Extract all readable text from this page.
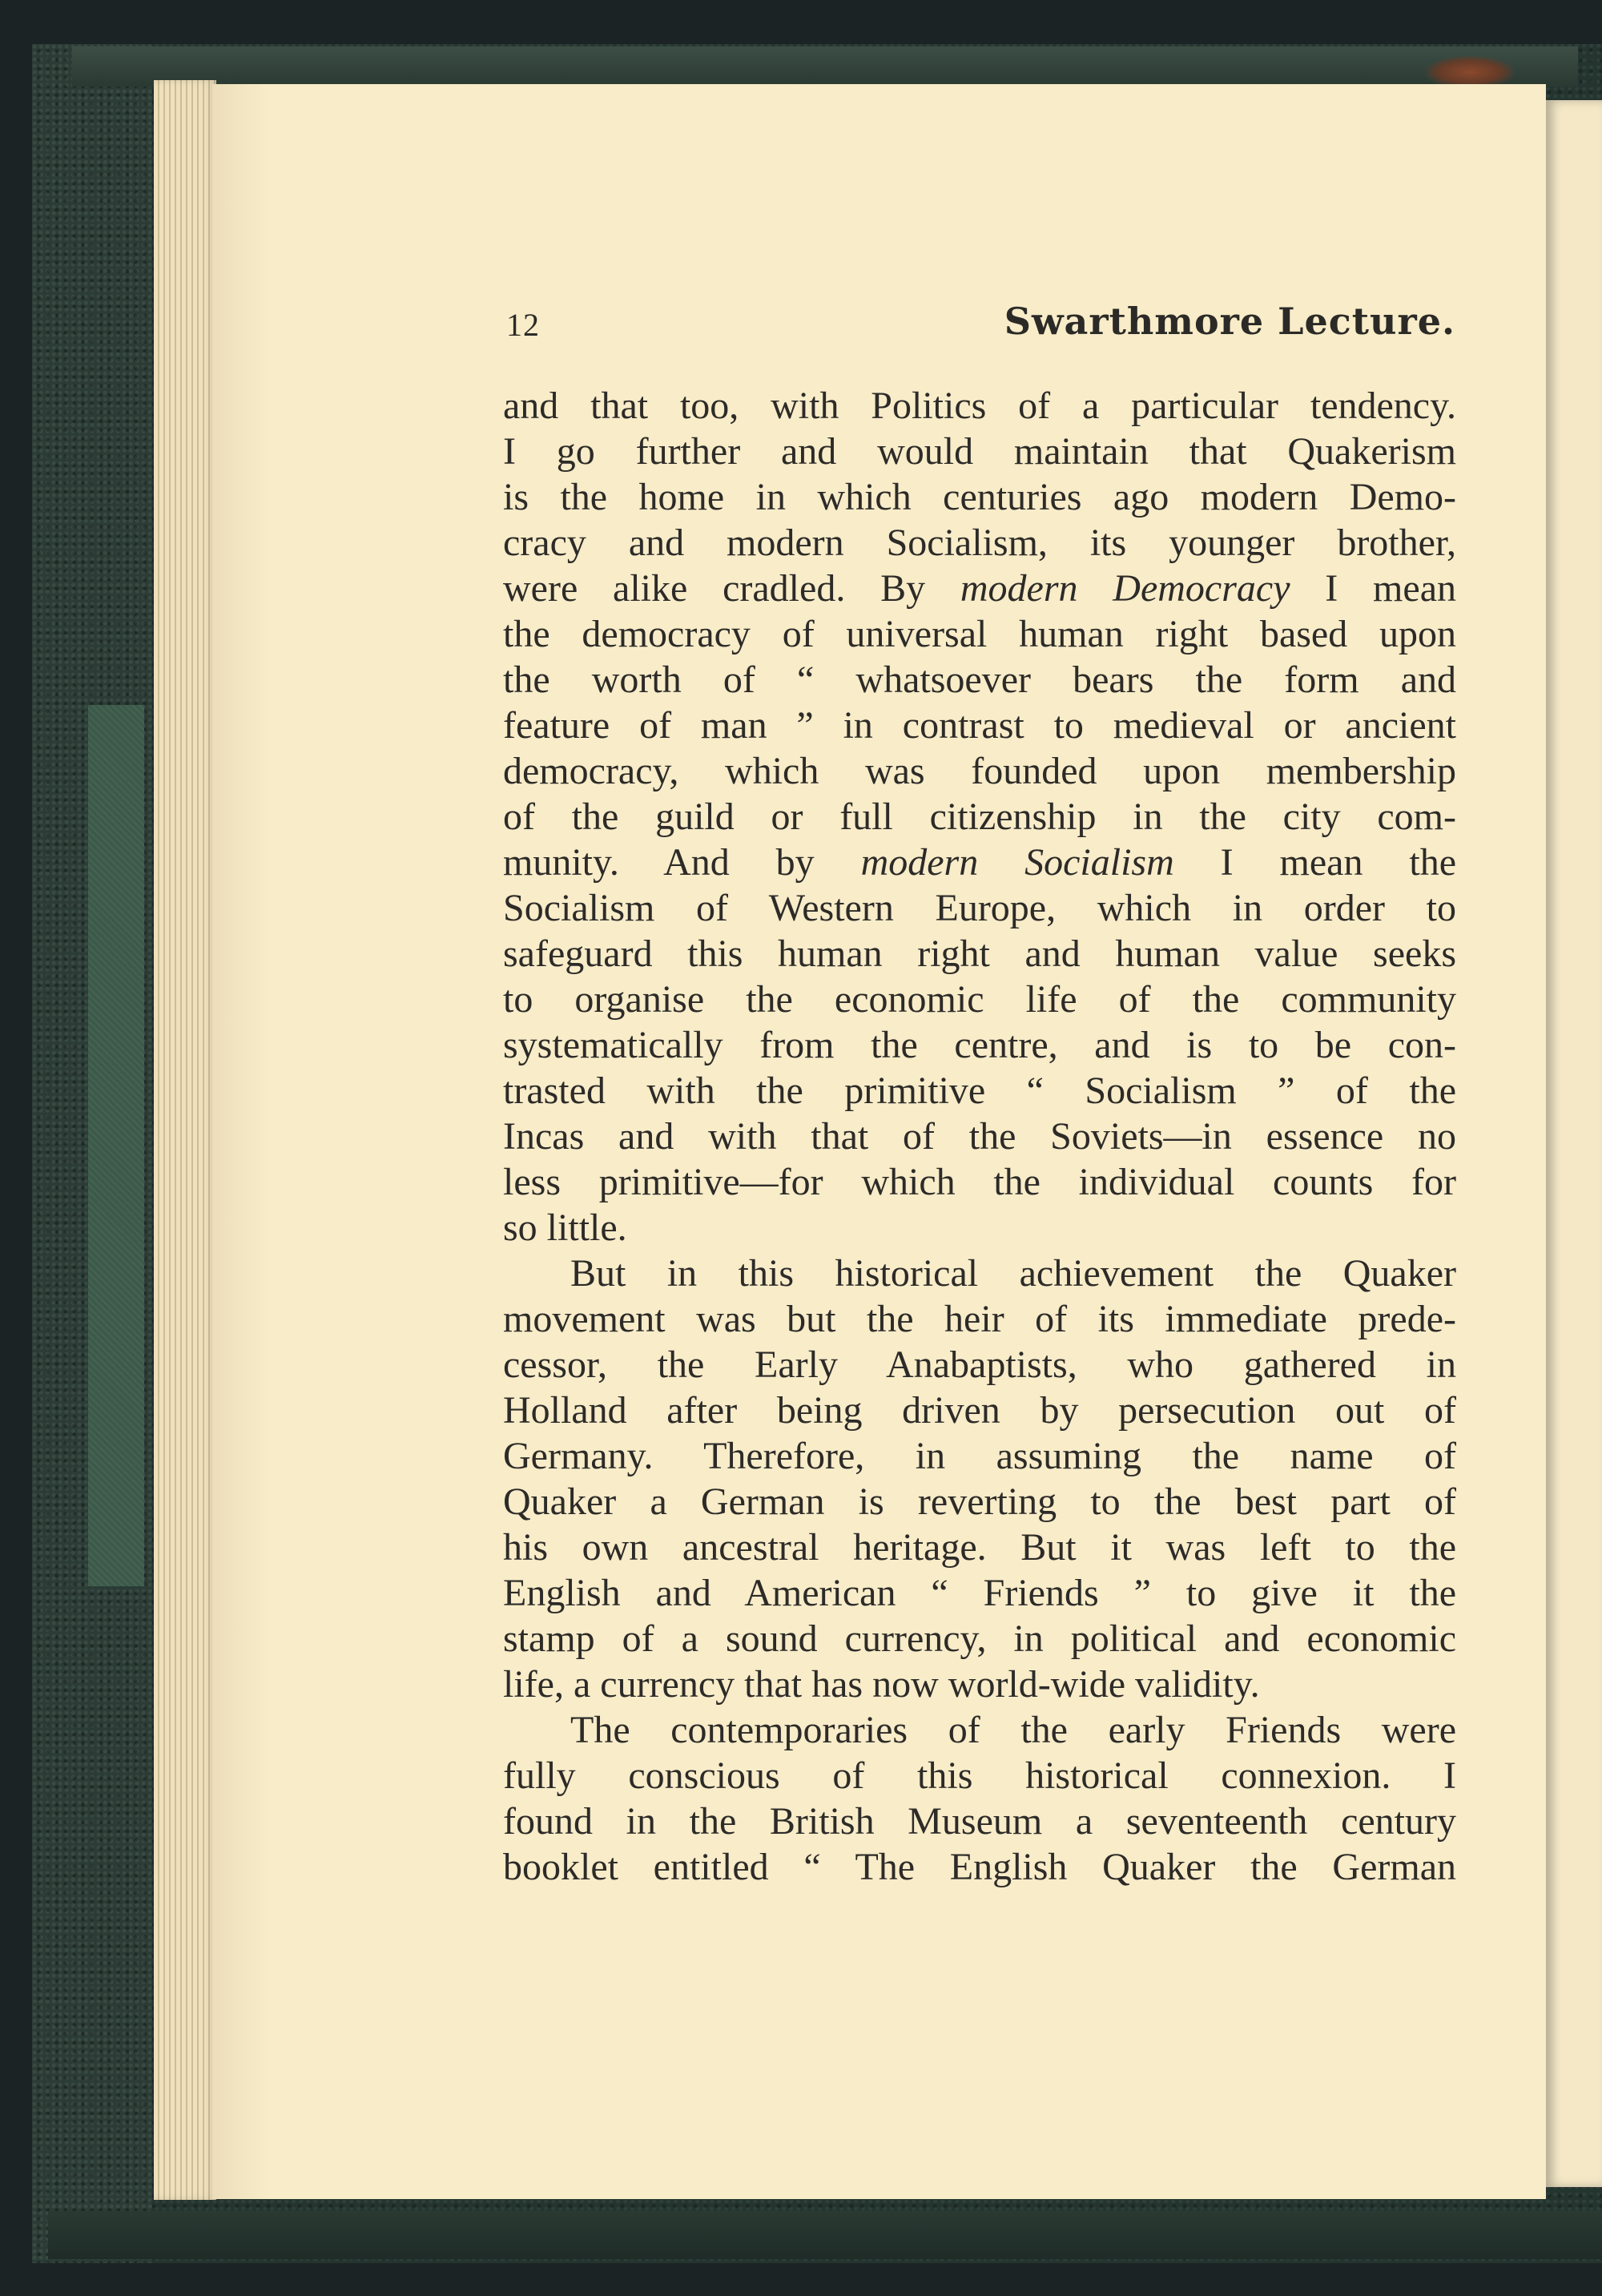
12	Swarthmore Lecture.
and that too, with Politics of a particular tendency.
I go further and would maintain that Quakerism
is the home in which centuries ago modern Demo-
cracy and modern Socialism, its younger brother,
were alike cradled. By modern Democracy I mean
the democracy of universal human right based upon
the worth of “ whatsoever bears the form and
feature of man ” in contrast to medieval or ancient
democracy, which was founded upon membership
of the guild or full citizenship in the city com-
munity. And by modern Socialism I mean the
Socialism of Western Europe, which in order to
safeguard this human right and human value seeks
to organise the economic life of the community
systematically from the centre, and is to be con-
trasted with the primitive “ Socialism ” of the
Incas and with that of the Soviets—in essence no
less primitive—for which the individual counts for
so little.
But in this historical achievement the Quaker
movement was but the heir of its immediate prede-
cessor, the Early Anabaptists, who gathered in
Holland after being driven by persecution out of
Germany. Therefore, in assuming the name of
Quaker a German is reverting to the best part of
his own ancestral heritage. But it was left to the
English and American “ Friends ” to give it the
stamp of a sound currency, in political and economic
life, a currency that has now world-wide validity.
The contemporaries of the early Friends were
fully conscious of this historical connexion. I
found in the British Museum a seventeenth century
booklet entitled “ The English Quaker the German
